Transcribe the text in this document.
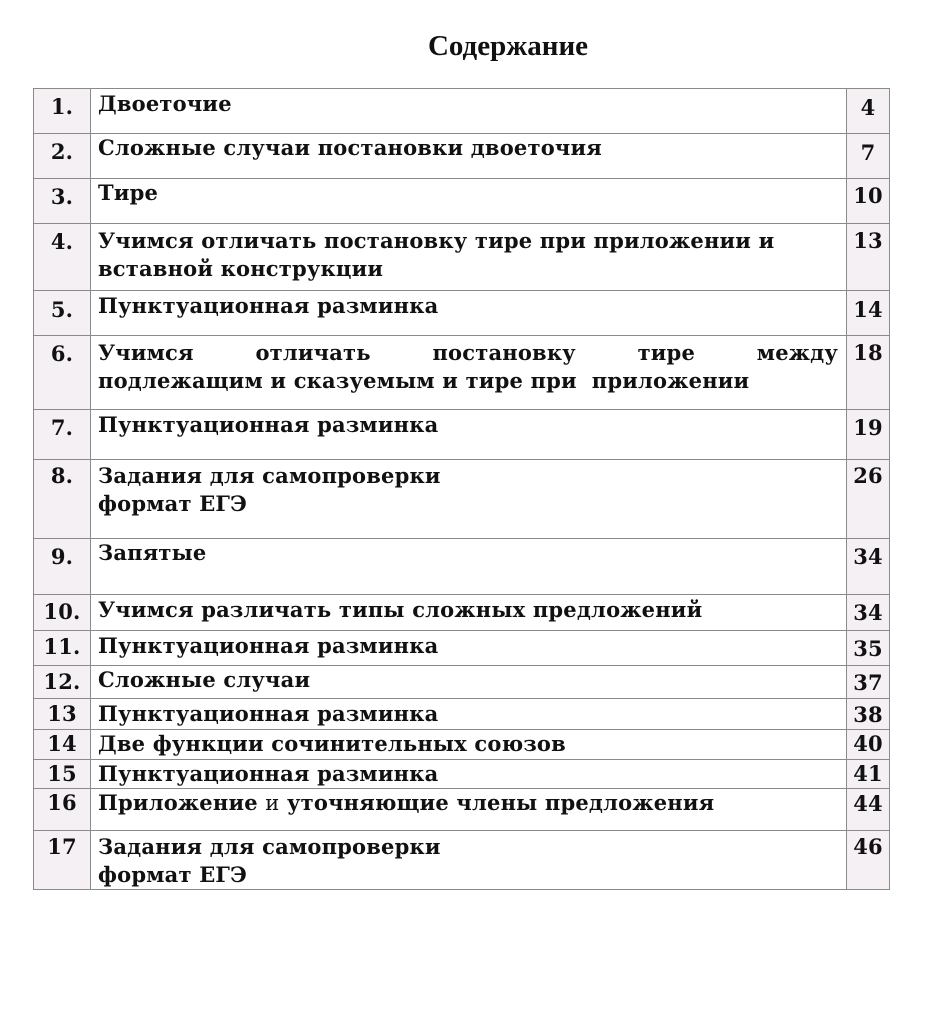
Содержание
1.	Двоеточие	4
2.	Сложные случаи постановки двоеточия	7
3.	Тире	10
4.	Учимся отличать постановку тире при приложении и вставной конструкции	13
5.	Пунктуационная разминка	14
6.	Учимся отличать постановку тире между
подлежащим и сказуемым и тире при  приложении	18
7.	Пунктуационная разминка	19
8.	Задания для самопроверки
формат ЕГЭ	26
9.	Запятые	34
10.	Учимся различать типы сложных предложений	34
11.	Пунктуационная разминка	35
12.	Сложные случаи	37
13	Пунктуационная разминка	38
14	Две функции сочинительных союзов	40
15	Пунктуационная разминка	41
16	Приложение и уточняющие члены предложения	44
17	Задания для самопроверки
формат ЕГЭ	46
